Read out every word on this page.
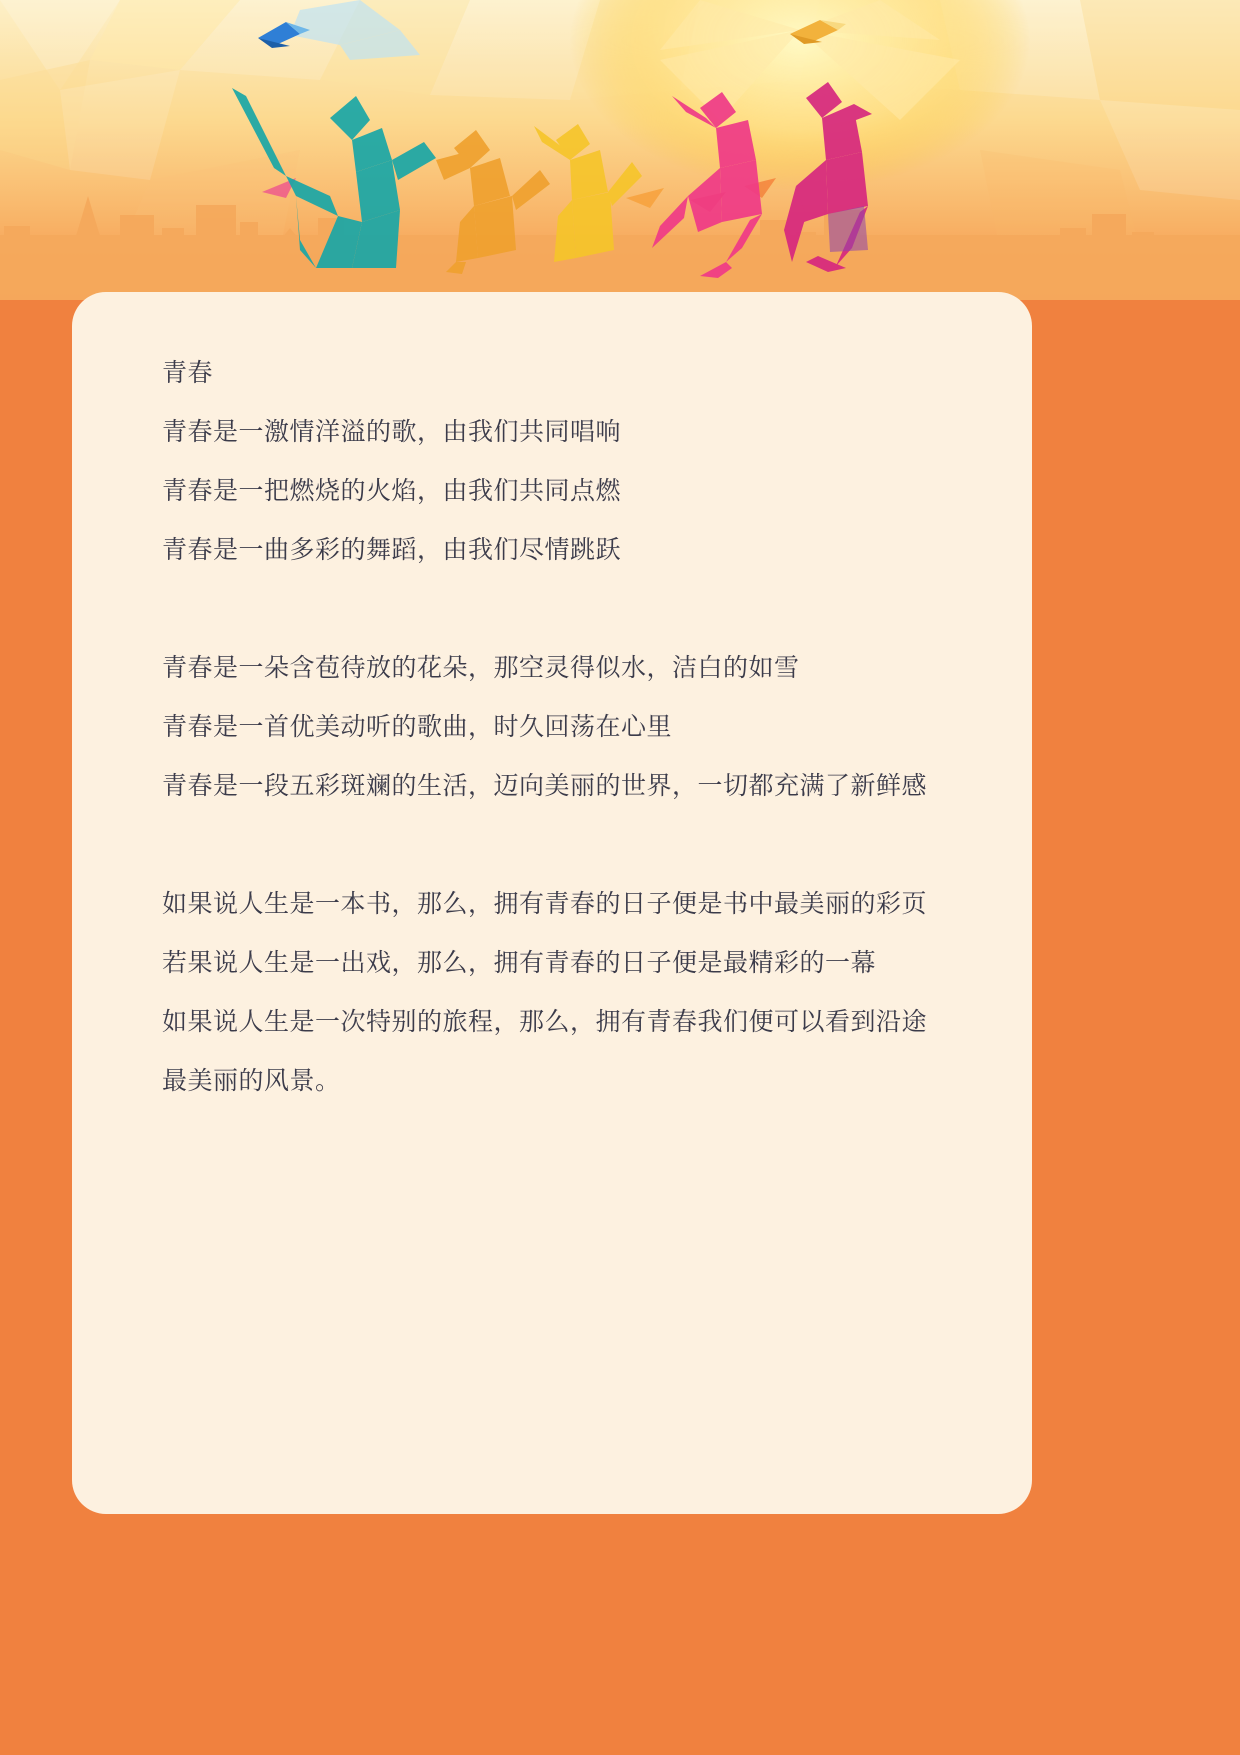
青春
青春是一激情洋溢的歌，由我们共同唱响
青春是一把燃烧的火焰，由我们共同点燃
青春是一曲多彩的舞蹈，由我们尽情跳跃
青春是一朵含苞待放的花朵，那空灵得似水，洁白的如雪
青春是一首优美动听的歌曲，时久回荡在心里
青春是一段五彩斑斓的生活，迈向美丽的世界，一切都充满了新鲜感
如果说人生是一本书，那么，拥有青春的日子便是书中最美丽的彩页
若果说人生是一出戏，那么，拥有青春的日子便是最精彩的一幕
如果说人生是一次特别的旅程，那么，拥有青春我们便可以看到沿途
最美丽的风景。
